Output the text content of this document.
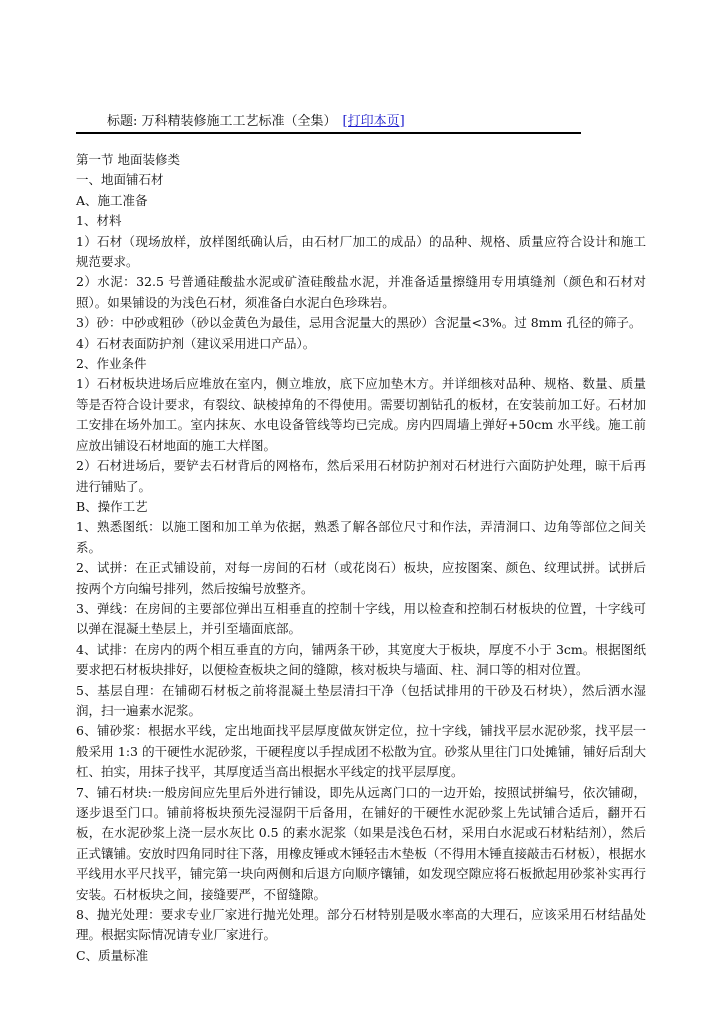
标题: 万科精装修施工工艺标准（全集） [打印本页]

第一节 地面装修类

一、地面铺石材

A、施工准备

1、材料

1）石材（现场放样，放样图纸确认后，由石材厂加工的成品）的品种、规格、质量应符合设计和施工规范要求。

2）水泥：32.5 号普通硅酸盐水泥或矿渣硅酸盐水泥，并准备适量擦缝用专用填缝剂（颜色和石材对照）。如果铺设的为浅色石材，须准备白水泥白色珍珠岩。

3）砂：中砂或粗砂（砂以金黄色为最佳，忌用含泥量大的黑砂）含泥量<3%。过 8mm 孔径的筛子。

4）石材表面防护剂（建议采用进口产品）。

2、作业条件

1）石材板块进场后应堆放在室内，侧立堆放，底下应加垫木方。并详细核对品种、规格、数量、质量等是否符合设计要求，有裂纹、缺棱掉角的不得使用。需要切割钻孔的板材，在安装前加工好。石材加工安排在场外加工。室内抹灰、水电设备管线等均已完成。房内四周墙上弹好+50cm 水平线。施工前应放出铺设石材地面的施工大样图。

2）石材进场后，要铲去石材背后的网格布，然后采用石材防护剂对石材进行六面防护处理，晾干后再进行铺贴了。

B、操作工艺

1、熟悉图纸：以施工图和加工单为依据，熟悉了解各部位尺寸和作法，弄清洞口、边角等部位之间关系。

2、试拼：在正式铺设前，对每一房间的石材（或花岗石）板块，应按图案、颜色、纹理试拼。试拼后按两个方向编号排列，然后按编号放整齐。

3、弹线：在房间的主要部位弹出互相垂直的控制十字线，用以检查和控制石材板块的位置，十字线可以弹在混凝土垫层上，并引至墙面底部。

4、试排：在房内的两个相互垂直的方向，铺两条干砂，其宽度大于板块，厚度不小于 3cm。根据图纸要求把石材板块排好，以便检查板块之间的缝隙，核对板块与墙面、柱、洞口等的相对位置。

5、基层自理：在铺砌石材板之前将混凝土垫层清扫干净（包括试排用的干砂及石材块），然后洒水湿润，扫一遍素水泥浆。

6、铺砂浆：根据水平线，定出地面找平层厚度做灰饼定位，拉十字线，铺找平层水泥砂浆，找平层一般采用 1:3 的干硬性水泥砂浆，干硬程度以手捏成团不松散为宜。砂浆从里往门口处摊铺，铺好后刮大杠、拍实，用抹子找平，其厚度适当高出根据水平线定的找平层厚度。

7、铺石材块:一般房间应先里后外进行铺设，即先从远离门口的一边开始，按照试拼编号，依次铺砌，逐步退至门口。铺前将板块预先浸湿阴干后备用，在铺好的干硬性水泥砂浆上先试铺合适后，翻开石板，在水泥砂浆上浇一层水灰比 0.5 的素水泥浆（如果是浅色石材，采用白水泥或石材粘结剂），然后正式镶铺。安放时四角同时往下落，用橡皮锤或木锤轻击木垫板（不得用木锤直接敲击石材板），根据水平线用水平尺找平，铺完第一块向两侧和后退方向顺序镶铺，如发现空隙应将石板掀起用砂浆补实再行安装。石材板块之间，接缝要严，不留缝隙。

8、抛光处理：要求专业厂家进行抛光处理。部分石材特别是吸水率高的大理石，应该采用石材结晶处理。根据实际情况请专业厂家进行。

C、质量标准
